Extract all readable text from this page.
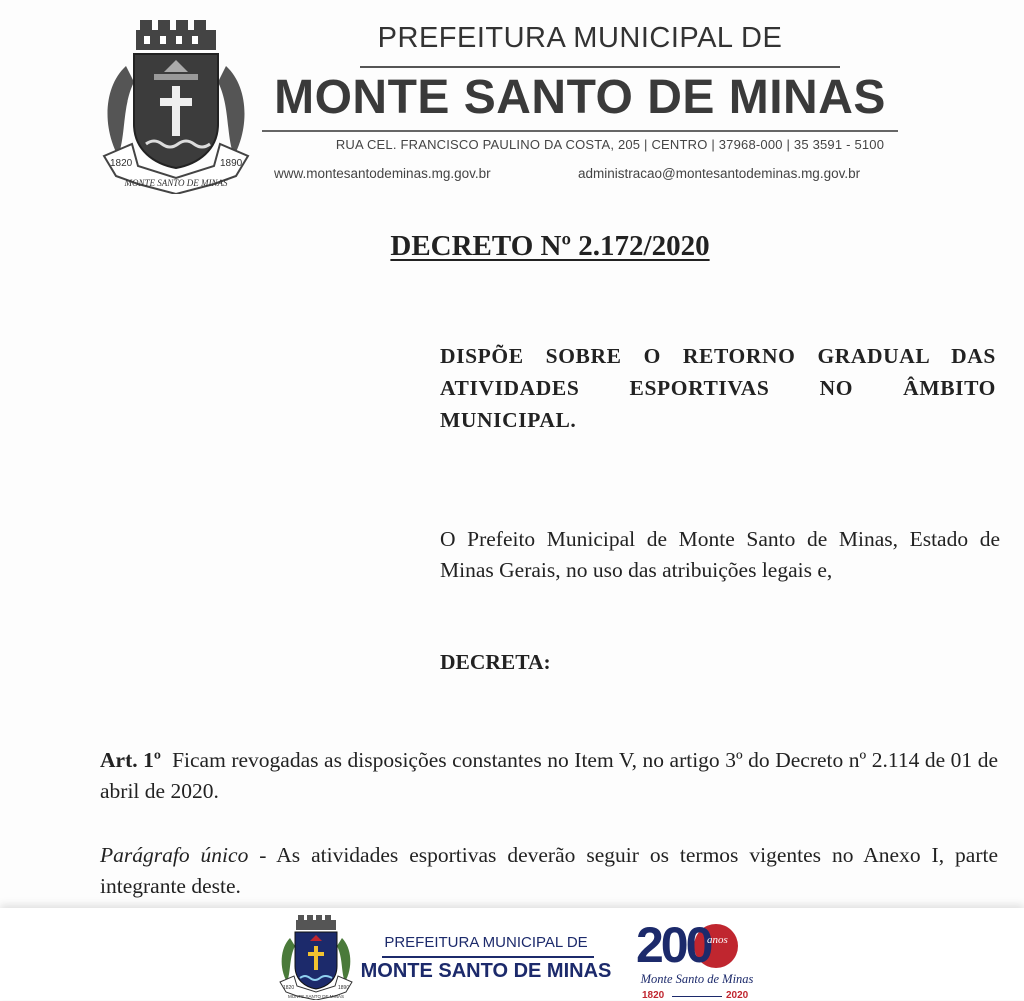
1820	1890
MONTE SANTO DE MINAS
PREFEITURA MUNICIPAL DE
MONTE SANTO DE MINAS
RUA CEL. FRANCISCO PAULINO DA COSTA, 205 | CENTRO | 37968-000 | 35 3591 - 5100
www.montesantodeminas.mg.gov.br	administracao@montesantodeminas.mg.gov.br
DECRETO Nº 2.172/2020
DISPÕE SOBRE O RETORNO GRADUAL DAS ATIVIDADES ESPORTIVAS NO ÂMBITO MUNICIPAL.
O Prefeito Municipal de Monte Santo de Minas, Estado de Minas Gerais, no uso das atribuições legais e,
DECRETA:
Art. 1º Ficam revogadas as disposições constantes no Item V, no artigo 3º do Decreto nº 2.114 de 01 de abril de 2020.
Parágrafo único - As atividades esportivas deverão seguir os termos vigentes no Anexo I, parte integrante deste.
1820	1890
MONTE SANTO DE MINAS
PREFEITURA MUNICIPAL DE
MONTE SANTO DE MINAS 200
anos
Monte Santo de Minas
1820	2020
